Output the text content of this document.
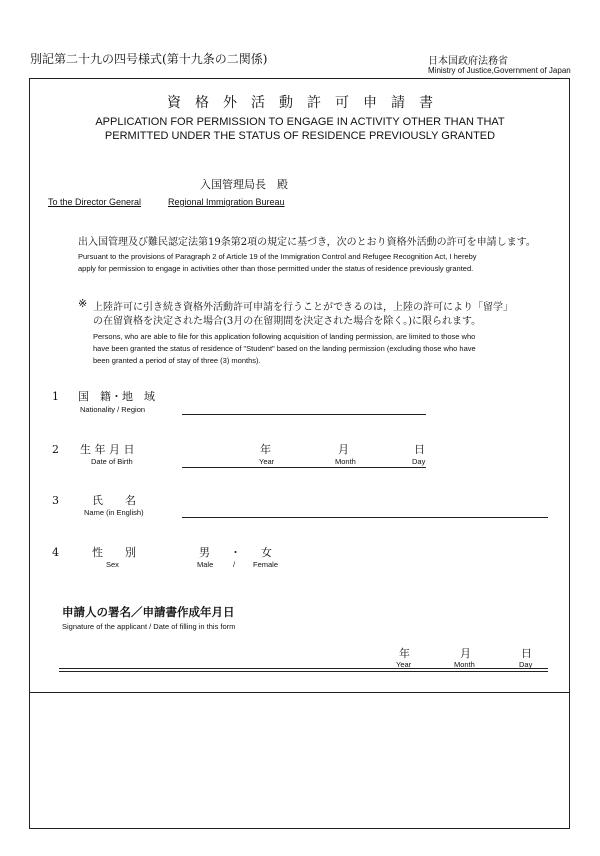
別記第二十九の四号様式(第十九条の二関係)	日本国政府法務省
Ministry of Justice,Government of Japan
資格外活動許可申請書
APPLICATION FOR PERMISSION TO ENGAGE IN ACTIVITY OTHER THAN THAT
PERMITTED UNDER THE STATUS OF RESIDENCE PREVIOUSLY GRANTED
入国管理局長　殿
To the Director General	Regional Immigration Bureau
出入国管理及び難民認定法第19条第2項の規定に基づき，次のとおり資格外活動の許可を申請します。
Pursuant to the provisions of Paragraph 2 of Article 19 of the Immigration Control and Refugee Recognition Act, I hereby
apply for permission to engage in activities other than those permitted under the status of residence previously granted.
※ 上陸許可に引き続き資格外活動許可申請を行うことができるのは，上陸の許可により「留学」
の在留資格を決定された場合(3月の在留期間を決定された場合を除く。)に限られます。
Persons, who are able to file for this application following acquisition of landing permission, are limited to those who
have been granted the status of residence of "Student" based on the landing permission (excluding those who have
been granted a period of stay of three (3) months).
1 国　籍・地　域
Nationality / Region
2 生 年 月 日
Date of Birth
年	月	日
Year	Month	Day
3	氏　　名
Name (in English)
4	性　　別
Sex
男 ・ 女
Male	/ Female
申請人の署名／申請書作成年月日
Signature of the applicant / Date of filling in this form
年	月	日
Year	Month	Day
